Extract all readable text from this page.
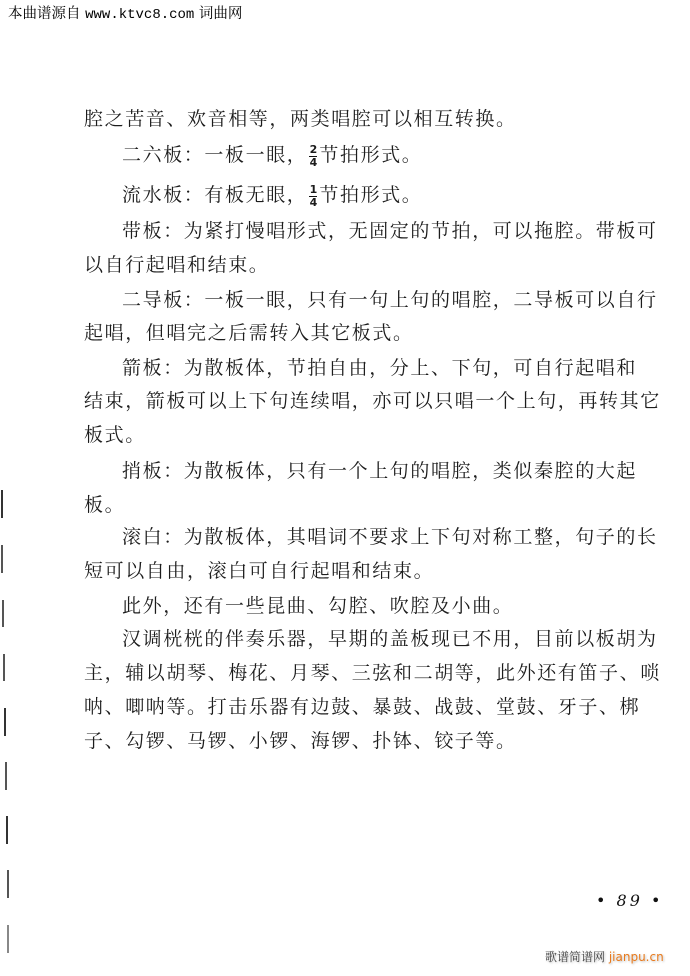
本曲谱源自 www.ktvc8.com 词曲网
腔之苦音、欢音相等，两类唱腔可以相互转换。
二六板：一板一眼， $\frac{2}{4}$ 节拍形式。
流水板：有板无眼， $\frac{1}{4}$ 节拍形式。
带板：为紧打慢唱形式，无固定的节拍，可以拖腔。带板可
以自行起唱和结束。
二导板：一板一眼，只有一句上句的唱腔，二导板可以自行
起唱，但唱完之后需转入其它板式。
箭板：为散板体，节拍自由，分上、下句，可自行起唱和
结束，箭板可以上下句连续唱，亦可以只唱一个上句，再转其它
板式。
捎板：为散板体，只有一个上句的唱腔，类似秦腔的大起
板。
滚白：为散板体，其唱词不要求上下句对称工整，句子的长
短可以自由，滚白可自行起唱和结束。
此外，还有一些昆曲、勾腔、吹腔及小曲。
汉调桄桄的伴奏乐器，早期的盖板现已不用，目前以板胡为
主，辅以胡琴、梅花、月琴、三弦和二胡等，此外还有笛子、唢
呐、唧呐等。打击乐器有边鼓、暴鼓、战鼓、堂鼓、牙子、梆
子、勾锣、马锣、小锣、海锣、扑钵、铰子等。
• 89 •
歌谱简谱网 jianpu.cn
